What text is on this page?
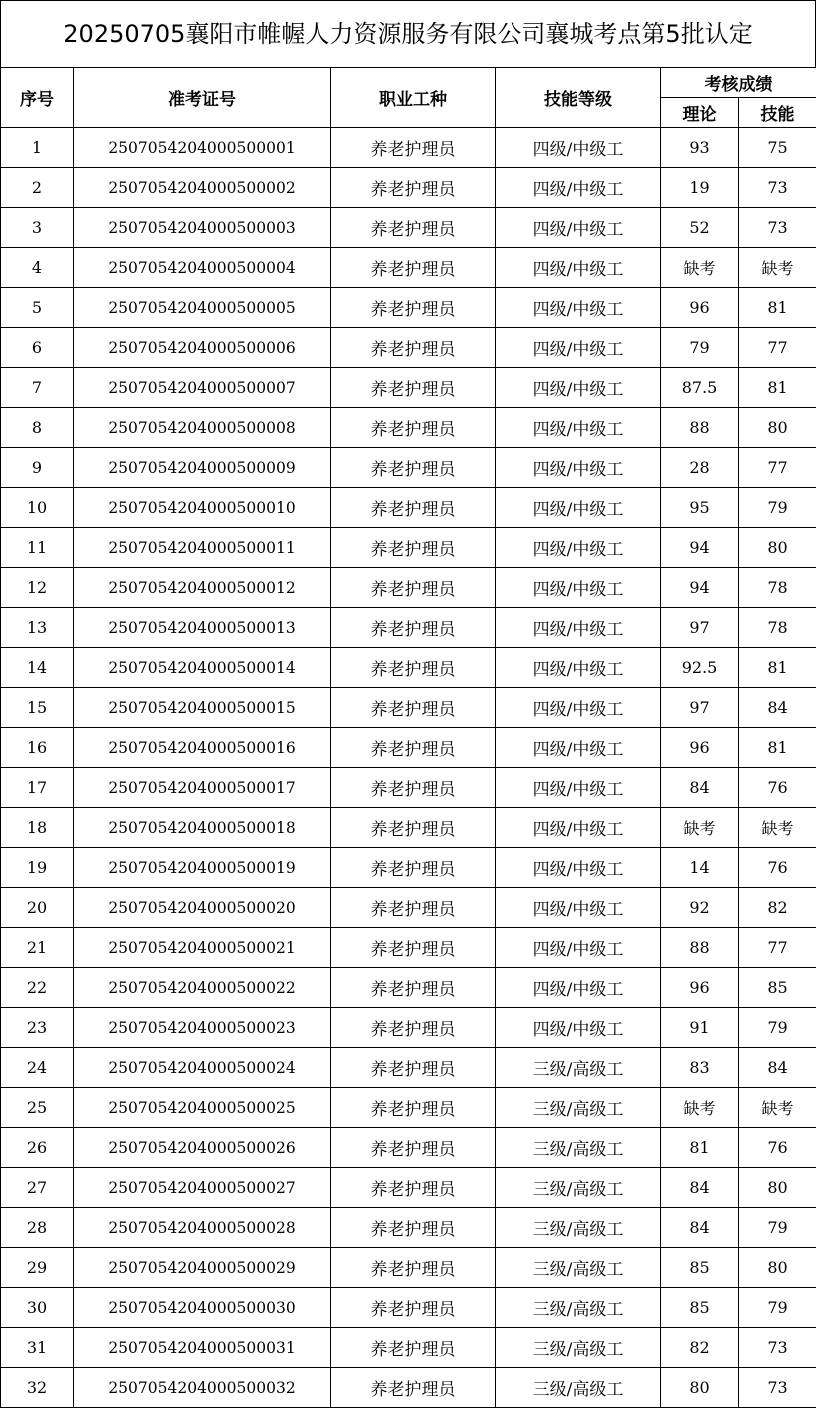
20250705襄阳市帷幄人力资源服务有限公司襄城考点第5批认定
序号	准考证号	职业工种	技能等级	考核成绩	
				理论	技能
1	2507054204000500001	养老护理员	四级/中级工	93	75
2	2507054204000500002	养老护理员	四级/中级工	19	73
3	2507054204000500003	养老护理员	四级/中级工	52	73
4	2507054204000500004	养老护理员	四级/中级工	缺考	缺考
5	2507054204000500005	养老护理员	四级/中级工	96	81
6	2507054204000500006	养老护理员	四级/中级工	79	77
7	2507054204000500007	养老护理员	四级/中级工	87.5	81
8	2507054204000500008	养老护理员	四级/中级工	88	80
9	2507054204000500009	养老护理员	四级/中级工	28	77
10	2507054204000500010	养老护理员	四级/中级工	95	79
11	2507054204000500011	养老护理员	四级/中级工	94	80
12	2507054204000500012	养老护理员	四级/中级工	94	78
13	2507054204000500013	养老护理员	四级/中级工	97	78
14	2507054204000500014	养老护理员	四级/中级工	92.5	81
15	2507054204000500015	养老护理员	四级/中级工	97	84
16	2507054204000500016	养老护理员	四级/中级工	96	81
17	2507054204000500017	养老护理员	四级/中级工	84	76
18	2507054204000500018	养老护理员	四级/中级工	缺考	缺考
19	2507054204000500019	养老护理员	四级/中级工	14	76
20	2507054204000500020	养老护理员	四级/中级工	92	82
21	2507054204000500021	养老护理员	四级/中级工	88	77
22	2507054204000500022	养老护理员	四级/中级工	96	85
23	2507054204000500023	养老护理员	四级/中级工	91	79
24	2507054204000500024	养老护理员	三级/高级工	83	84
25	2507054204000500025	养老护理员	三级/高级工	缺考	缺考
26	2507054204000500026	养老护理员	三级/高级工	81	76
27	2507054204000500027	养老护理员	三级/高级工	84	80
28	2507054204000500028	养老护理员	三级/高级工	84	79
29	2507054204000500029	养老护理员	三级/高级工	85	80
30	2507054204000500030	养老护理员	三级/高级工	85	79
31	2507054204000500031	养老护理员	三级/高级工	82	73
32	2507054204000500032	养老护理员	三级/高级工	80	73
